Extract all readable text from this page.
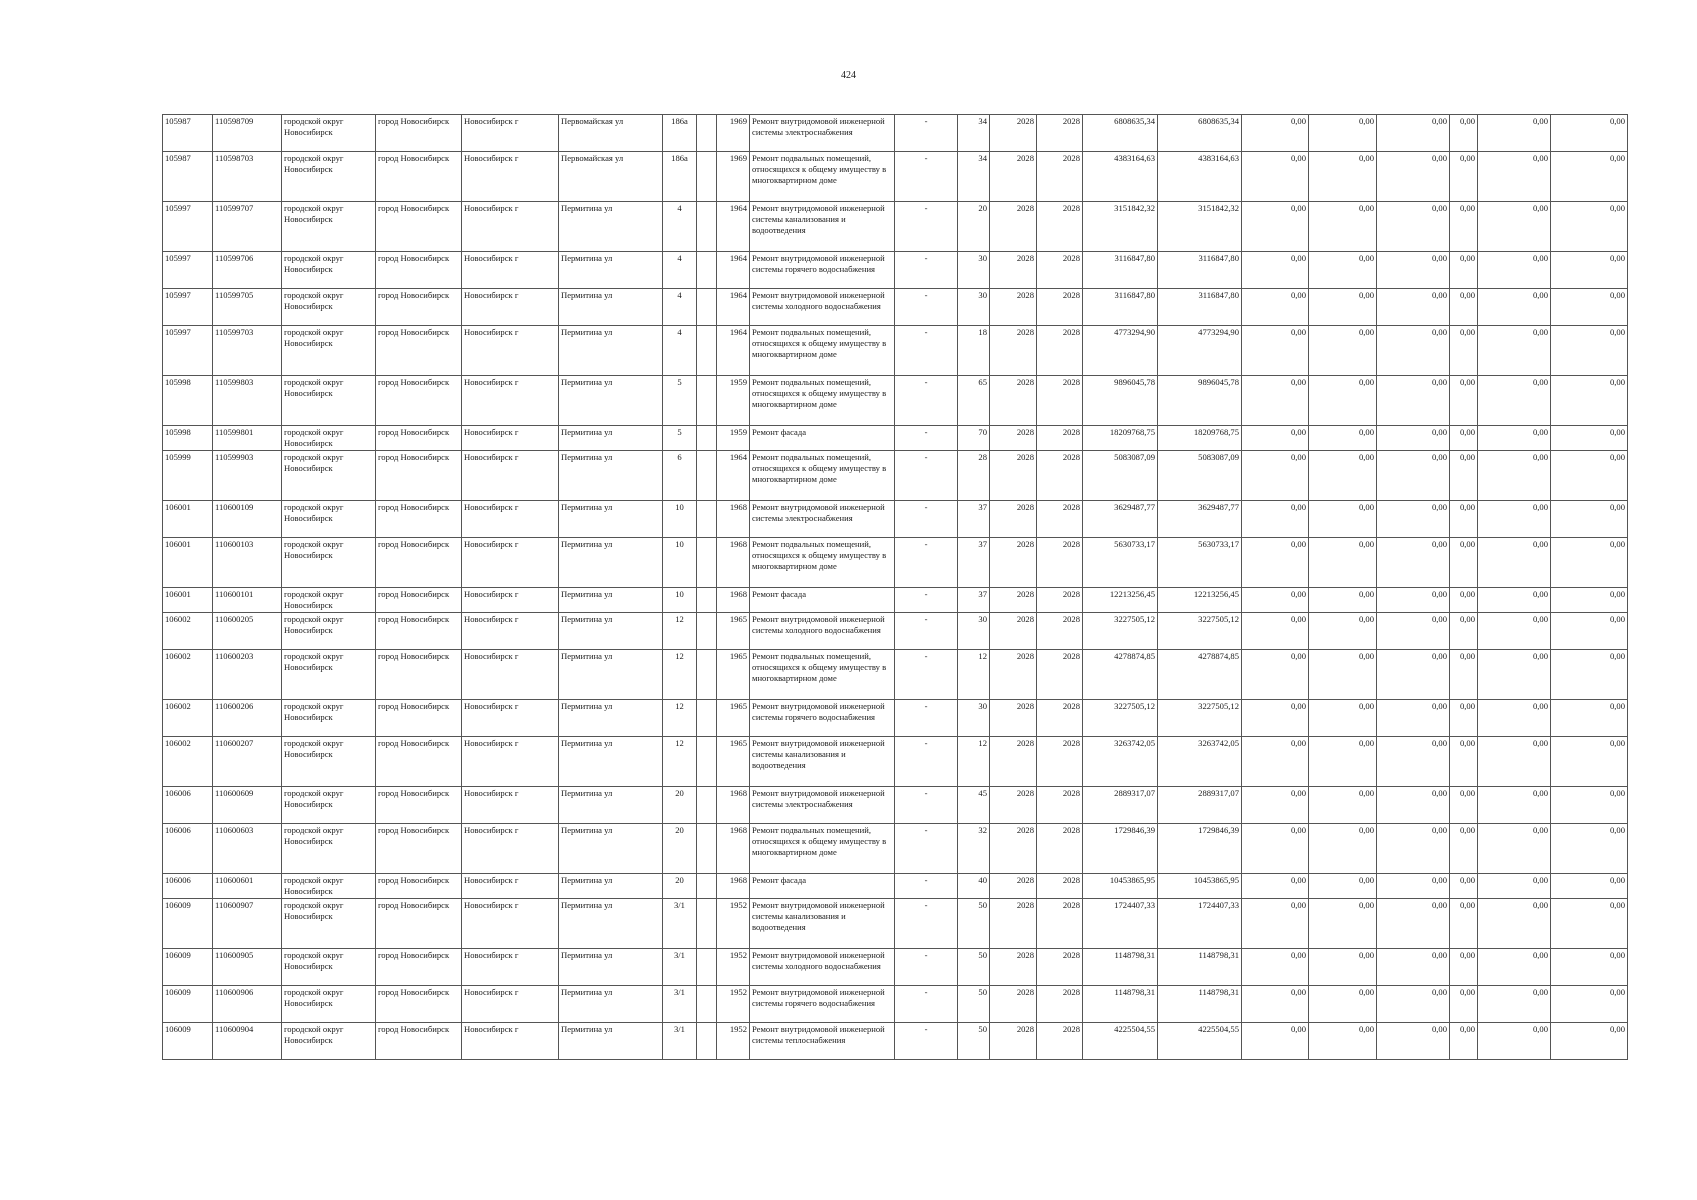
424
105987	110598709	городской округ Новосибирск	город Новосибирск	Новосибирск г	Первомайская ул	186а		1969	Ремонт внутридомовой инженерной системы электроснабжения	-	34	2028	2028	6808635,34	6808635,34	0,00	0,00	0,00	0,00	0,00	0,00
105987	110598703	городской округ Новосибирск	город Новосибирск	Новосибирск г	Первомайская ул	186а		1969	Ремонт подвальных помещений, относящихся к общему имуществу в многоквартирном доме	-	34	2028	2028	4383164,63	4383164,63	0,00	0,00	0,00	0,00	0,00	0,00
105997	110599707	городской округ Новосибирск	город Новосибирск	Новосибирск г	Пермитина ул	4		1964	Ремонт внутридомовой инженерной системы канализования и водоотведения	-	20	2028	2028	3151842,32	3151842,32	0,00	0,00	0,00	0,00	0,00	0,00
105997	110599706	городской округ Новосибирск	город Новосибирск	Новосибирск г	Пермитина ул	4		1964	Ремонт внутридомовой инженерной системы горячего водоснабжения	-	30	2028	2028	3116847,80	3116847,80	0,00	0,00	0,00	0,00	0,00	0,00
105997	110599705	городской округ Новосибирск	город Новосибирск	Новосибирск г	Пермитина ул	4		1964	Ремонт внутридомовой инженерной системы холодного водоснабжения	-	30	2028	2028	3116847,80	3116847,80	0,00	0,00	0,00	0,00	0,00	0,00
105997	110599703	городской округ Новосибирск	город Новосибирск	Новосибирск г	Пермитина ул	4		1964	Ремонт подвальных помещений, относящихся к общему имуществу в многоквартирном доме	-	18	2028	2028	4773294,90	4773294,90	0,00	0,00	0,00	0,00	0,00	0,00
105998	110599803	городской округ Новосибирск	город Новосибирск	Новосибирск г	Пермитина ул	5		1959	Ремонт подвальных помещений, относящихся к общему имуществу в многоквартирном доме	-	65	2028	2028	9896045,78	9896045,78	0,00	0,00	0,00	0,00	0,00	0,00
105998	110599801	городской округ Новосибирск	город Новосибирск	Новосибирск г	Пермитина ул	5		1959	Ремонт фасада	-	70	2028	2028	18209768,75	18209768,75	0,00	0,00	0,00	0,00	0,00	0,00
105999	110599903	городской округ Новосибирск	город Новосибирск	Новосибирск г	Пермитина ул	6		1964	Ремонт подвальных помещений, относящихся к общему имуществу в многоквартирном доме	-	28	2028	2028	5083087,09	5083087,09	0,00	0,00	0,00	0,00	0,00	0,00
106001	110600109	городской округ Новосибирск	город Новосибирск	Новосибирск г	Пермитина ул	10		1968	Ремонт внутридомовой инженерной системы электроснабжения	-	37	2028	2028	3629487,77	3629487,77	0,00	0,00	0,00	0,00	0,00	0,00
106001	110600103	городской округ Новосибирск	город Новосибирск	Новосибирск г	Пермитина ул	10		1968	Ремонт подвальных помещений, относящихся к общему имуществу в многоквартирном доме	-	37	2028	2028	5630733,17	5630733,17	0,00	0,00	0,00	0,00	0,00	0,00
106001	110600101	городской округ Новосибирск	город Новосибирск	Новосибирск г	Пермитина ул	10		1968	Ремонт фасада	-	37	2028	2028	12213256,45	12213256,45	0,00	0,00	0,00	0,00	0,00	0,00
106002	110600205	городской округ Новосибирск	город Новосибирск	Новосибирск г	Пермитина ул	12		1965	Ремонт внутридомовой инженерной системы холодного водоснабжения	-	30	2028	2028	3227505,12	3227505,12	0,00	0,00	0,00	0,00	0,00	0,00
106002	110600203	городской округ Новосибирск	город Новосибирск	Новосибирск г	Пермитина ул	12		1965	Ремонт подвальных помещений, относящихся к общему имуществу в многоквартирном доме	-	12	2028	2028	4278874,85	4278874,85	0,00	0,00	0,00	0,00	0,00	0,00
106002	110600206	городской округ Новосибирск	город Новосибирск	Новосибирск г	Пермитина ул	12		1965	Ремонт внутридомовой инженерной системы горячего водоснабжения	-	30	2028	2028	3227505,12	3227505,12	0,00	0,00	0,00	0,00	0,00	0,00
106002	110600207	городской округ Новосибирск	город Новосибирск	Новосибирск г	Пермитина ул	12		1965	Ремонт внутридомовой инженерной системы канализования и водоотведения	-	12	2028	2028	3263742,05	3263742,05	0,00	0,00	0,00	0,00	0,00	0,00
106006	110600609	городской округ Новосибирск	город Новосибирск	Новосибирск г	Пермитина ул	20		1968	Ремонт внутридомовой инженерной системы электроснабжения	-	45	2028	2028	2889317,07	2889317,07	0,00	0,00	0,00	0,00	0,00	0,00
106006	110600603	городской округ Новосибирск	город Новосибирск	Новосибирск г	Пермитина ул	20		1968	Ремонт подвальных помещений, относящихся к общему имуществу в многоквартирном доме	-	32	2028	2028	1729846,39	1729846,39	0,00	0,00	0,00	0,00	0,00	0,00
106006	110600601	городской округ Новосибирск	город Новосибирск	Новосибирск г	Пермитина ул	20		1968	Ремонт фасада	-	40	2028	2028	10453865,95	10453865,95	0,00	0,00	0,00	0,00	0,00	0,00
106009	110600907	городской округ Новосибирск	город Новосибирск	Новосибирск г	Пермитина ул	3/1		1952	Ремонт внутридомовой инженерной системы канализования и водоотведения	-	50	2028	2028	1724407,33	1724407,33	0,00	0,00	0,00	0,00	0,00	0,00
106009	110600905	городской округ Новосибирск	город Новосибирск	Новосибирск г	Пермитина ул	3/1		1952	Ремонт внутридомовой инженерной системы холодного водоснабжения	-	50	2028	2028	1148798,31	1148798,31	0,00	0,00	0,00	0,00	0,00	0,00
106009	110600906	городской округ Новосибирск	город Новосибирск	Новосибирск г	Пермитина ул	3/1		1952	Ремонт внутридомовой инженерной системы горячего водоснабжения	-	50	2028	2028	1148798,31	1148798,31	0,00	0,00	0,00	0,00	0,00	0,00
106009	110600904	городской округ Новосибирск	город Новосибирск	Новосибирск г	Пермитина ул	3/1		1952	Ремонт внутридомовой инженерной системы теплоснабжения	-	50	2028	2028	4225504,55	4225504,55	0,00	0,00	0,00	0,00	0,00	0,00
